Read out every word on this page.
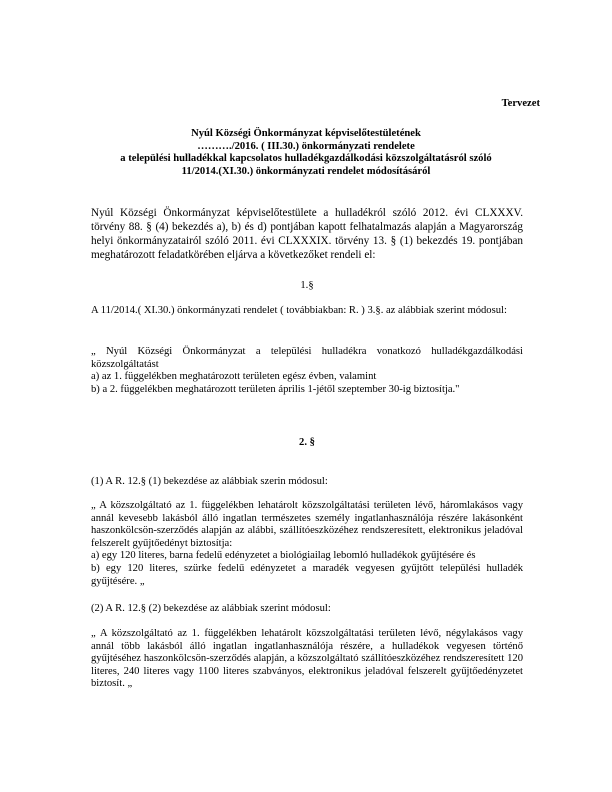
Tervezet
Nyúl Községi Önkormányzat képviselőtestületének
………./2016. ( III.30.) önkormányzati rendelete
a települési hulladékkal kapcsolatos hulladékgazdálkodási közszolgáltatásról szóló
11/2014.(XI.30.) önkormányzati rendelet módosításáról
Nyúl Községi Önkormányzat képviselőtestülete a hulladékról szóló 2012. évi CLXXXV. törvény 88. § (4) bekezdés a), b) és d) pontjában kapott felhatalmazás alapján a Magyarország helyi önkormányzatairól szóló 2011. évi CLXXXIX. törvény 13. § (1) bekezdés 19. pontjában meghatározott feladatkörében eljárva a következőket rendeli el:
1.§
A 11/2014.( XI.30.) önkormányzati rendelet ( továbbiakban: R. ) 3.§. az alábbiak szerint módosul:
„ Nyúl Községi Önkormányzat a települési hulladékra vonatkozó hulladékgazdálkodási közszolgáltatást
a) az 1. függelékben meghatározott területen egész évben, valamint
b) a 2. függelékben meghatározott területen április 1-jétől szeptember 30-ig biztosítja."
2. §
(1) A R. 12.§ (1) bekezdése az alábbiak szerin módosul:
„ A közszolgáltató az 1. függelékben lehatárolt közszolgáltatási területen lévő, háromlakásos vagy annál kevesebb lakásból álló ingatlan természetes személy ingatlanhasználója részére lakásonként haszonkölcsön-szerződés alapján az alábbi, szállítóeszközéhez rendszeresített, elektronikus jeladóval felszerelt gyűjtőedényt biztosítja:
a) egy 120 literes, barna fedelű edényzetet a biológiailag lebomló hulladékok gyűjtésére és
b) egy 120 literes, szürke fedelű edényzetet a maradék vegyesen gyűjtött települési hulladék gyűjtésére. „
(2) A R. 12.§ (2) bekezdése az alábbiak szerint módosul:
„ A közszolgáltató az 1. függelékben lehatárolt közszolgáltatási területen lévő, négylakásos vagy annál több lakásból álló ingatlan ingatlanhasználója részére, a hulladékok vegyesen történő gyűjtéséhez haszonkölcsön-szerződés alapján, a közszolgáltató szállítóeszközéhez rendszeresített 120 literes, 240 literes vagy 1100 literes szabványos, elektronikus jeladóval felszerelt gyűjtőedényzetet biztosít. „
